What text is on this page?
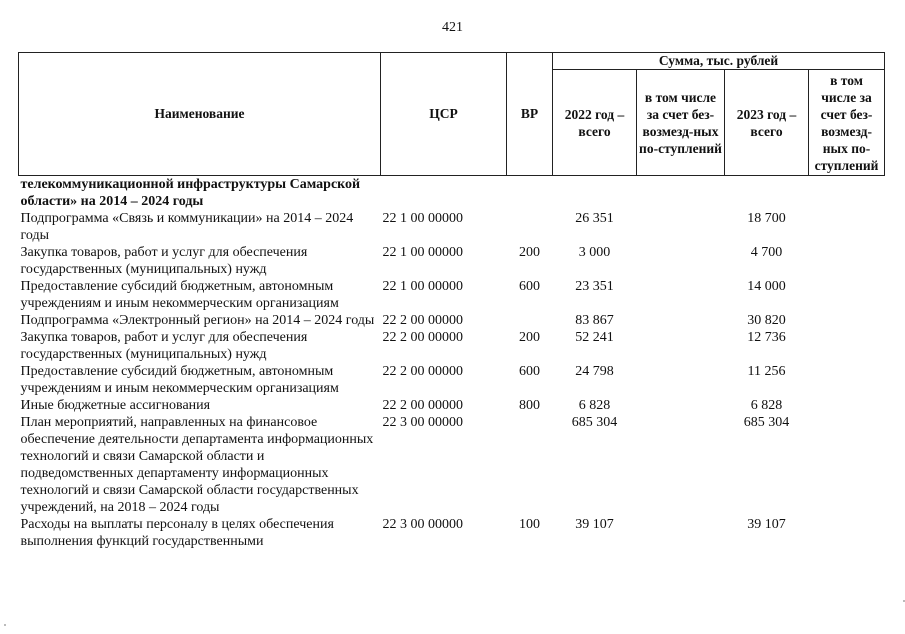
421
Наименование	ЦСР	ВР	Сумма, тыс. рублей			
			2022 год – всего	в том числе за счет без-возмезд-ных по-ступлений	2023 год – всего	в том числе за счет без-возмезд-ных по-ступлений
телекоммуникационной инфраструктуры Самарской области» на 2014 – 2024 годы						
Подпрограмма «Связь и коммуникации» на 2014 – 2024 годы	22 1 00 00000		26 351		18 700	
Закупка товаров, работ и услуг для обеспечения государственных (муниципальных) нужд	22 1 00 00000	200	3 000		4 700	
Предоставление субсидий бюджетным, автономным учреждениям и иным некоммерческим организациям	22 1 00 00000	600	23 351		14 000	
Подпрограмма «Электронный регион» на 2014 – 2024 годы	22 2 00 00000		83 867		30 820	
Закупка товаров, работ и услуг для обеспечения государственных (муниципальных) нужд	22 2 00 00000	200	52 241		12 736	
Предоставление субсидий бюджетным, автономным учреждениям и иным некоммерческим организациям	22 2 00 00000	600	24 798		11 256	
Иные бюджетные ассигнования	22 2 00 00000	800	6 828		6 828	
План мероприятий, направленных на финансовое обеспечение деятельности департамента информационных технологий и связи Самарской области и подведомственных департаменту информационных технологий и связи Самарской области государственных учреждений, на 2018 – 2024 годы	22 3 00 00000		685 304		685 304	
Расходы на выплаты персоналу в целях обеспечения выполнения функций государственными	22 3 00 00000	100	39 107		39 107	
